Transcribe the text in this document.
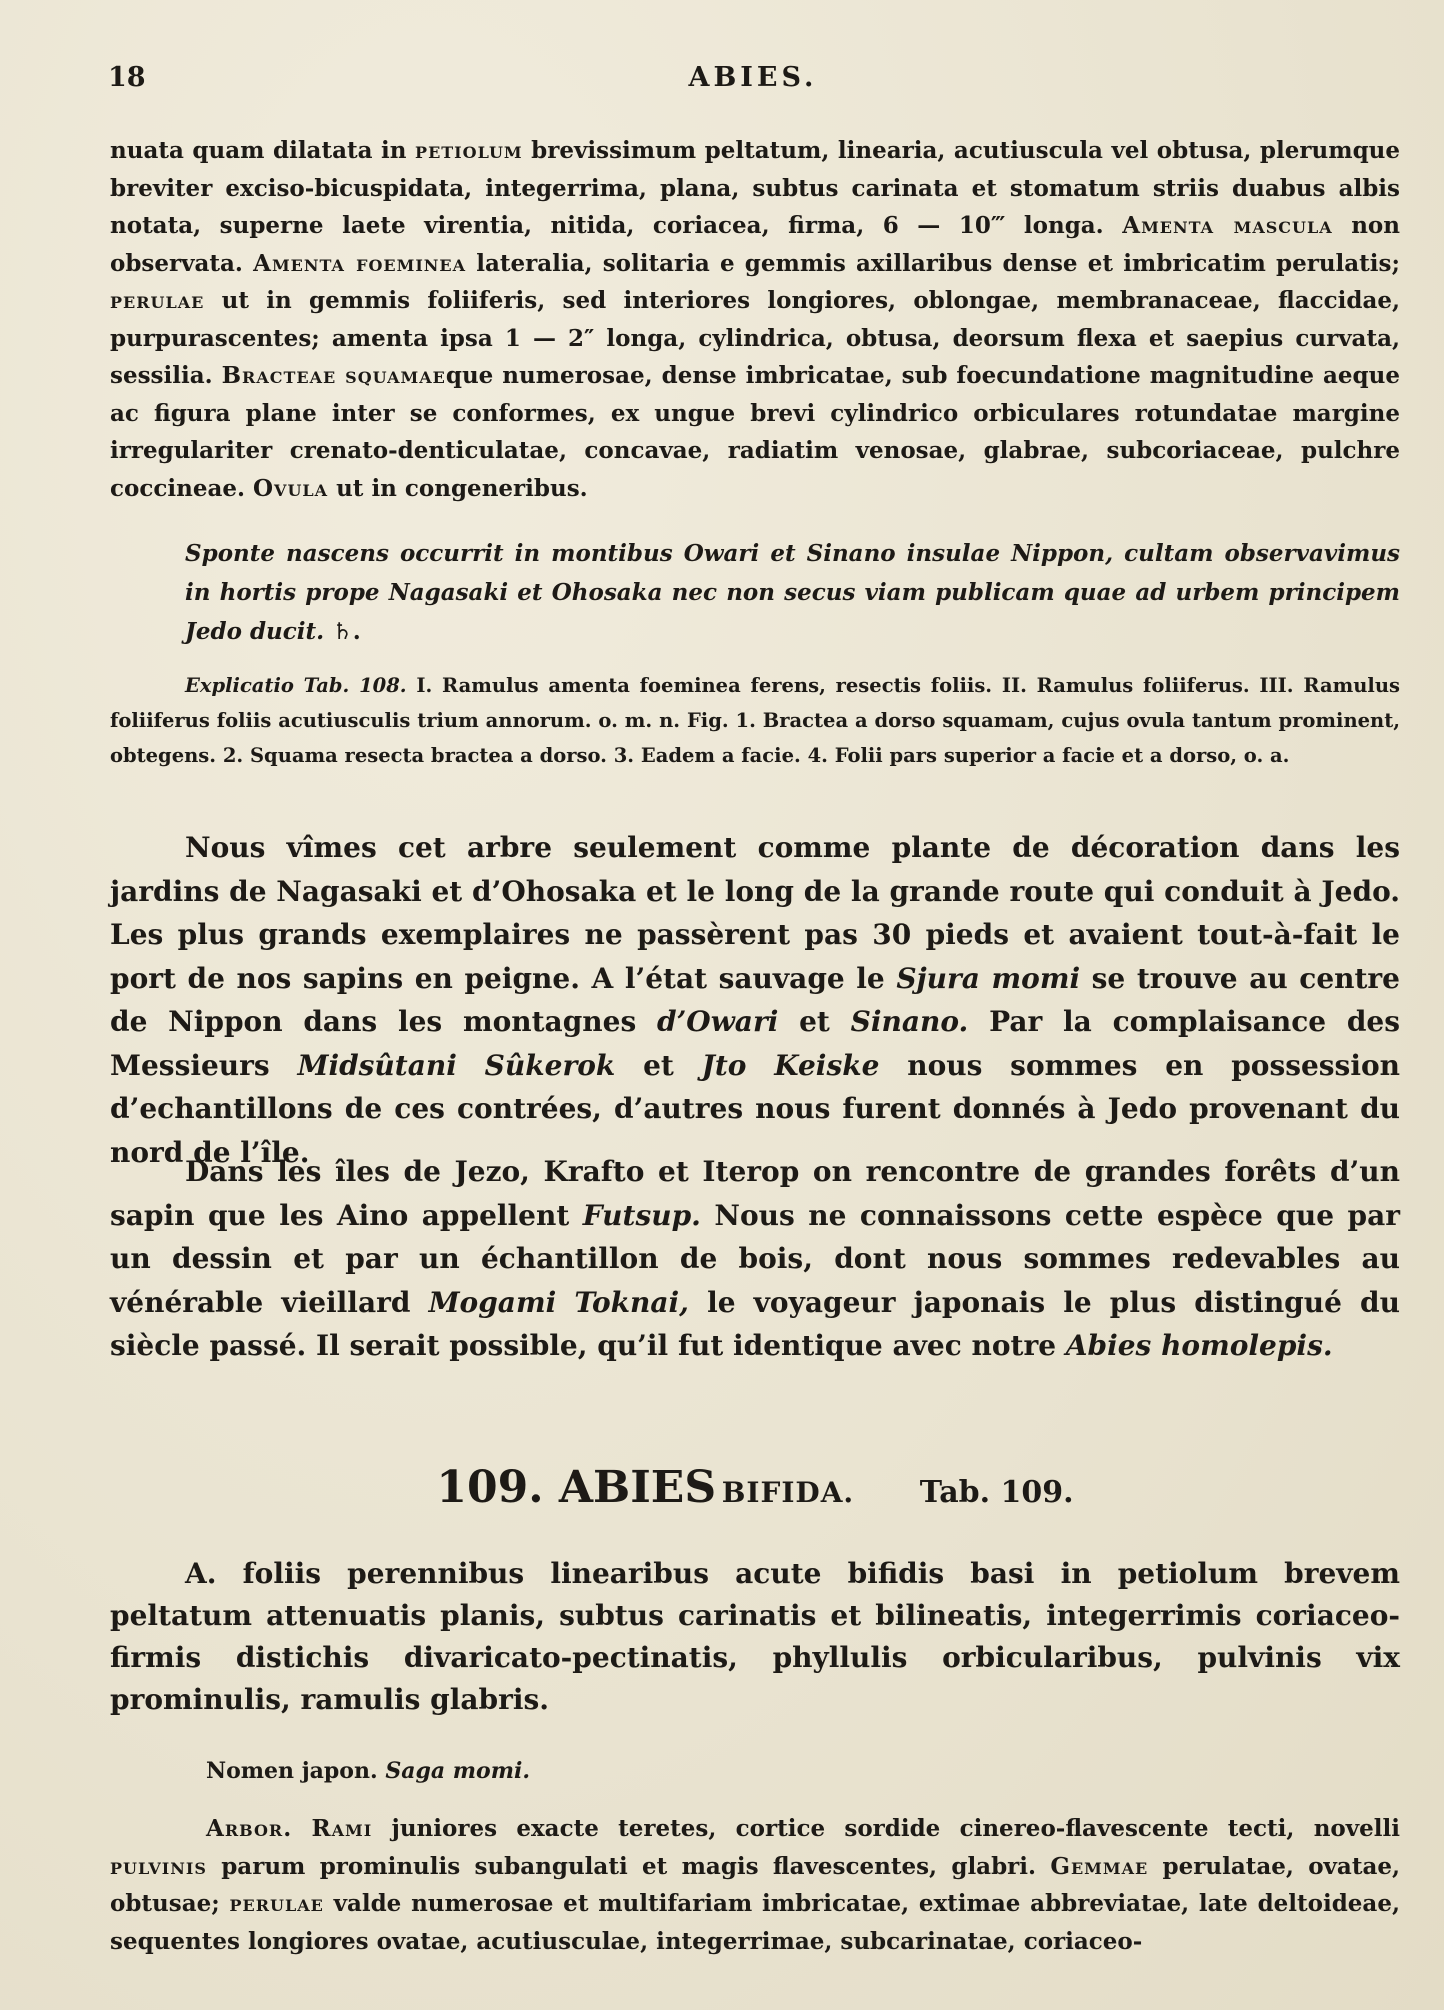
18	ABIES.

nuata quam dilatata in petiolum brevissimum peltatum, linearia, acutiuscula vel obtusa, plerumque breviter exciso-bicuspidata, integerrima, plana, subtus carinata et stomatum striis duabus albis notata, superne laete virentia, nitida, coriacea, firma, 6 — 10‴ longa. Amenta mascula non observata. Amenta foeminea lateralia, solitaria e gemmis axillaribus dense et imbricatim perulatis; perulae ut in gemmis foliiferis, sed interiores longiores, oblongae, membranaceae, flaccidae, purpurascentes; amenta ipsa 1 — 2″ longa, cylindrica, obtusa, deorsum flexa et saepius curvata, sessilia. Bracteae squamaeque numerosae, dense imbricatae, sub foecundatione magnitudine aeque ac figura plane inter se conformes, ex ungue brevi cylindrico orbiculares rotundatae margine irregulariter crenato-denticulatae, concavae, radiatim venosae, glabrae, subcoriaceae, pulchre coccineae. Ovula ut in congeneribus.

Sponte nascens occurrit in montibus Owari et Sinano insulae Nippon, cultam observavimus in hortis prope Nagasaki et Ohosaka nec non secus viam publicam quae ad urbem principem Jedo ducit. ♄.

Explicatio Tab. 108. I. Ramulus amenta foeminea ferens, resectis foliis. II. Ramulus foliiferus. III. Ramulus foliiferus foliis acutiusculis trium annorum. o. m. n. Fig. 1. Bractea a dorso squamam, cujus ovula tantum prominent, obtegens. 2. Squama resecta bractea a dorso. 3. Eadem a facie. 4. Folii pars superior a facie et a dorso, o. a.

Nous vîmes cet arbre seulement comme plante de décoration dans les jardins de Nagasaki et d’Ohosaka et le long de la grande route qui conduit à Jedo. Les plus grands exemplaires ne passèrent pas 30 pieds et avaient tout-à-fait le port de nos sapins en peigne. A l’état sauvage le Sjura momi se trouve au centre de Nippon dans les montagnes d’Owari et Sinano. Par la complaisance des Messieurs Midsûtani Sûkerok et Jto Keiske nous sommes en possession d’echantillons de ces contrées, d’autres nous furent donnés à Jedo provenant du nord de l’île.

Dans les îles de Jezo, Krafto et Iterop on rencontre de grandes forêts d’un sapin que les Aino appellent Futsup. Nous ne connaissons cette espèce que par un dessin et par un échantillon de bois, dont nous sommes redevables au vénérable vieillard Mogami Toknai, le voyageur japonais le plus distingué du siècle passé. Il serait possible, qu’il fut identique avec notre Abies homolepis.

109. ABIES BIFIDA. Tab. 109.

A. foliis perennibus linearibus acute bifidis basi in petiolum brevem peltatum attenuatis planis, subtus carinatis et bilineatis, integerrimis coriaceo-firmis distichis divaricato-pectinatis, phyllulis orbicularibus, pulvinis vix prominulis, ramulis glabris.

Nomen japon. Saga momi.

Arbor. Rami juniores exacte teretes, cortice sordide cinereo-flavescente tecti, novelli pulvinis parum prominulis subangulati et magis flavescentes, glabri. Gemmae perulatae, ovatae, obtusae; perulae valde numerosae et multifariam imbricatae, extimae abbreviatae, late deltoideae, sequentes longiores ovatae, acutiusculae, integerrimae, subcarinatae, coriaceo-
